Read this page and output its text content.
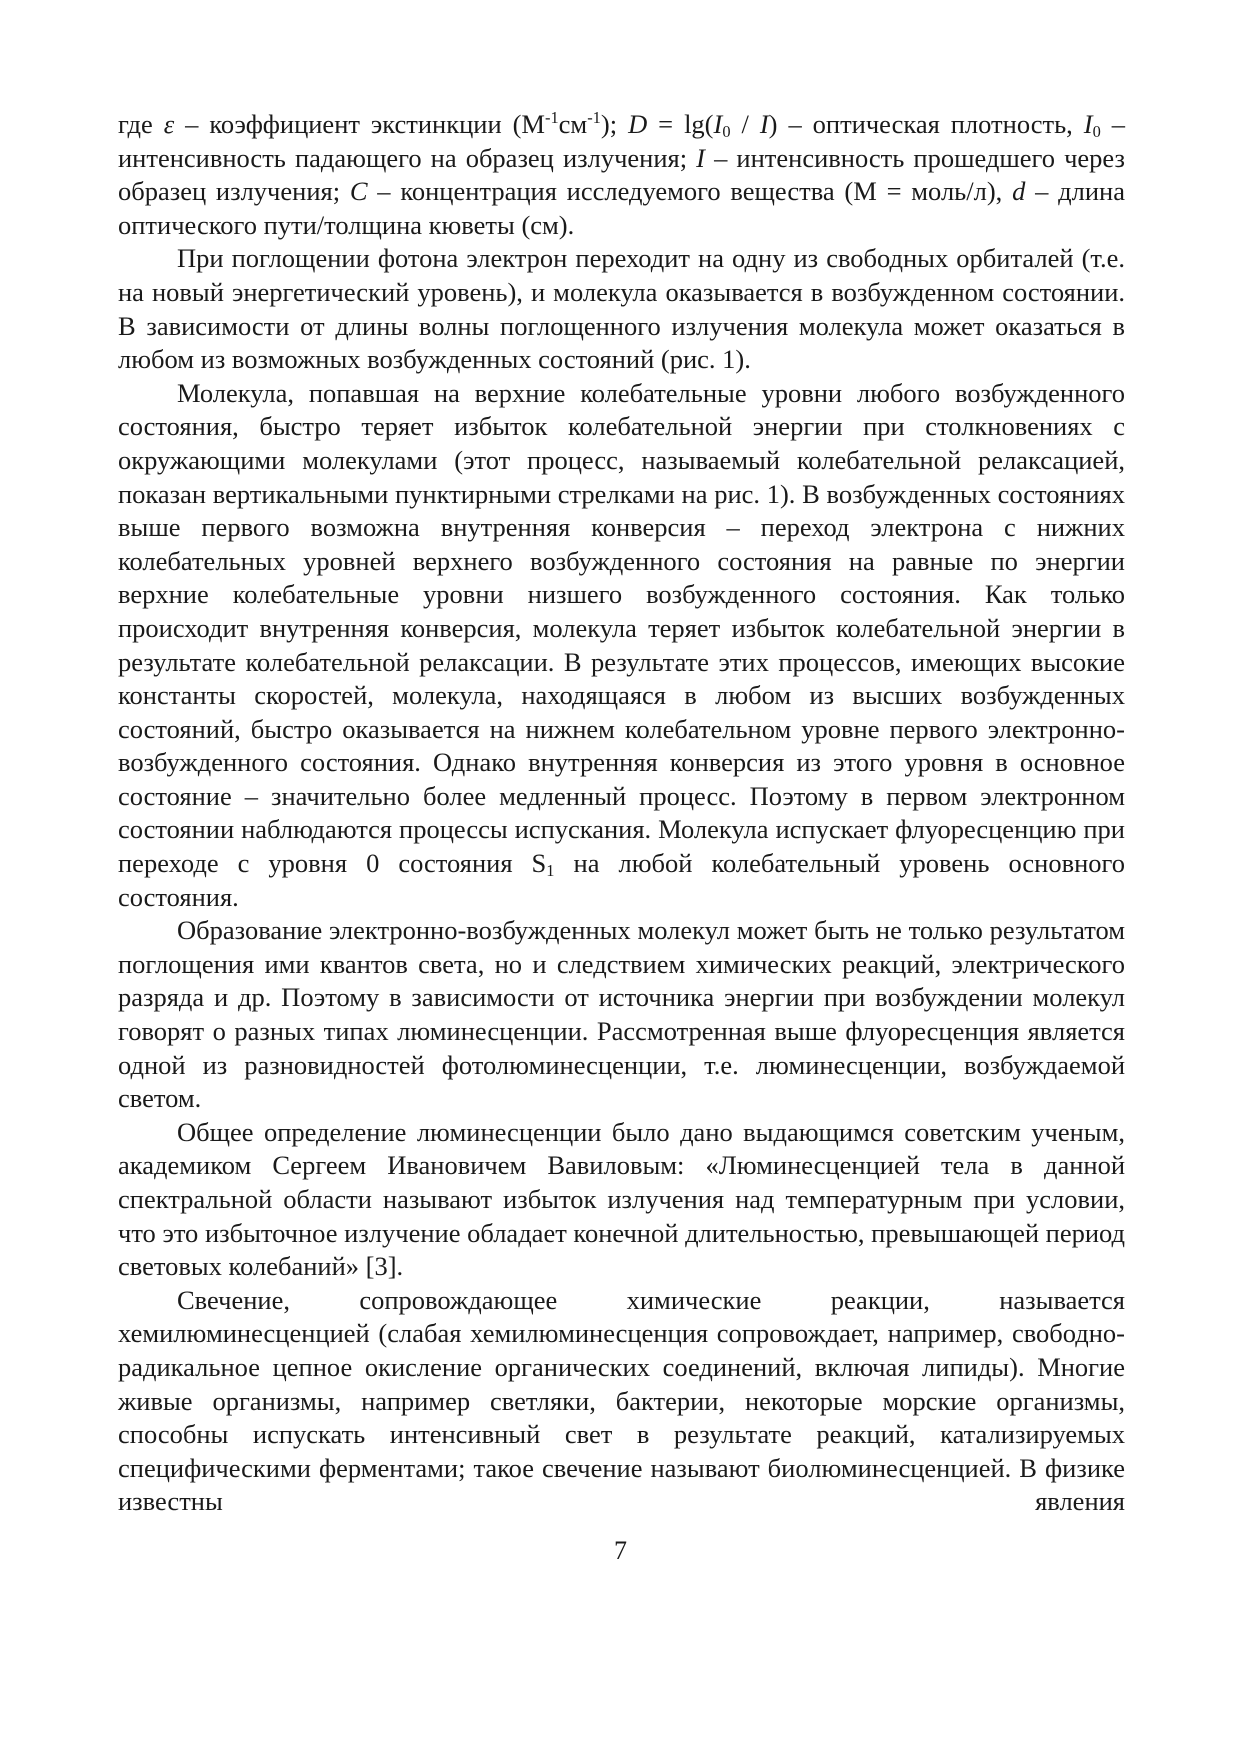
где ε – коэффициент экстинкции $(М^{-1}см^{-1})$; $D = \lg(I_0 / I)$ – оптическая плотность, $I_0$ – интенсивность падающего на образец излучения; I – интенсивность прошедшего через образец излучения; C – концентрация исследуемого вещества (М = моль/л), d – длина оптического пути/толщина кюветы (см).

При поглощении фотона электрон переходит на одну из свободных орбиталей (т.е. на новый энергетический уровень), и молекула оказывается в возбужденном состоянии. В зависимости от длины волны поглощенного излучения молекула может оказаться в любом из возможных возбужденных состояний (рис. 1).

Молекула, попавшая на верхние колебательные уровни любого возбужденного состояния, быстро теряет избыток колебательной энергии при столкновениях с окружающими молекулами (этот процесс, называемый колебательной релаксацией, показан вертикальными пунктирными стрелками на рис. 1). В возбужденных состояниях выше первого возможна внутренняя конверсия – переход электрона с нижних колебательных уровней верхнего возбужденного состояния на равные по энергии верхние колебательные уровни низшего возбужденного состояния. Как только происходит внутренняя конверсия, молекула теряет избыток колебательной энергии в результате колебательной релаксации. В результате этих процессов, имеющих высокие константы скоростей, молекула, находящаяся в любом из высших возбужденных состояний, быстро оказывается на нижнем колебательном уровне первого электронно-возбужденного состояния. Однако внутренняя конверсия из этого уровня в основное состояние – значительно более медленный процесс. Поэтому в первом электронном состоянии наблюдаются процессы испускания. Молекула испускает флуоресценцию при переходе с уровня 0 состояния $S_1$ на любой колебательный уровень основного состояния.

Образование электронно-возбужденных молекул может быть не только результатом поглощения ими квантов света, но и следствием химических реакций, электрического разряда и др. Поэтому в зависимости от источника энергии при возбуждении молекул говорят о разных типах люминесценции. Рассмотренная выше флуоресценция является одной из разновидностей фотолюминесценции, т.е. люминесценции, возбуждаемой светом.

Общее определение люминесценции было дано выдающимся советским ученым, академиком Сергеем Ивановичем Вавиловым: «Люминесценцией тела в данной спектральной области называют избыток излучения над температурным при условии, что это избыточное излучение обладает конечной длительностью, превышающей период световых колебаний» [3].

Свечение, сопровождающее химические реакции, называется хемилюминесценцией (слабая хемилюминесценция сопровождает, например, свободно-радикальное цепное окисление органических соединений, включая липиды). Многие живые организмы, например светляки, бактерии, некоторые морские организмы, способны испускать интенсивный свет в результате реакций, катализируемых специфическими ферментами; такое свечение называют биолюминесценцией. В физике известны явления

7
